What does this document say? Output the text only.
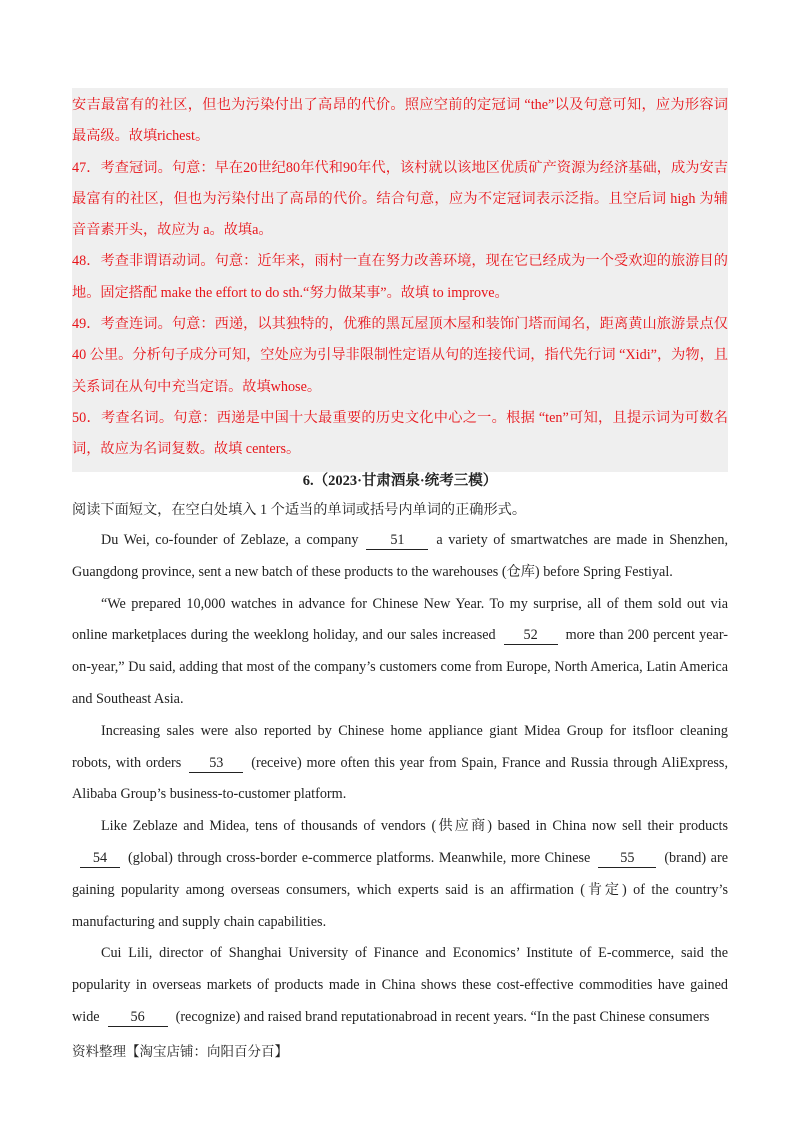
安吉最富有的社区，但也为污染付出了高昂的代价。照应空前的定冠词 “the”以及句意可知，应为形容词最高级。故填richest。

47．考查冠词。句意：早在20世纪80年代和90年代，该村就以该地区优质矿产资源为经济基础，成为安吉最富有的社区，但也为污染付出了高昂的代价。结合句意，应为不定冠词表示泛指。且空后词 high 为辅音音素开头，故应为 a。故填a。

48．考查非谓语动词。句意：近年来，雨村一直在努力改善环境，现在它已经成为一个受欢迎的旅游目的地。固定搭配 make the effort to do sth.“努力做某事”。故填 to improve。

49．考查连词。句意：西递，以其独特的，优雅的黑瓦屋顶木屋和装饰门塔而闻名，距离黄山旅游景点仅40 公里。分析句子成分可知，空处应为引导非限制性定语从句的连接代词，指代先行词 “Xidi”，为物，且关系词在从句中充当定语。故填whose。

50．考查名词。句意：西递是中国十大最重要的历史文化中心之一。根据 “ten”可知，且提示词为可数名词，故应为名词复数。故填 centers。

6.（2023·甘肃酒泉·统考三模）
阅读下面短文，在空白处填入 1 个适当的单词或括号内单词的正确形式。

Du Wei, co-founder of Zeblaze, a company 51 a variety of smartwatches are made in Shenzhen, Guangdong province, sent a new batch of these products to the warehouses (仓库) before Spring Festiyal.

“We prepared 10,000 watches in advance for Chinese New Year. To my surprise, all of them sold out via online marketplaces during the weeklong holiday, and our sales increased 52 more than 200 percent year-on-year,” Du said, adding that most of the company’s customers come from Europe, North America, Latin America and Southeast Asia.

Increasing sales were also reported by Chinese home appliance giant Midea Group for itsfloor cleaning robots, with orders 53 (receive) more often this year from Spain, France and Russia through AliExpress, Alibaba Group’s business-to-customer platform.

Like Zeblaze and Midea, tens of thousands of vendors (供应商) based in China now sell their products54 (global) through cross-border e-commerce platforms. Meanwhile, more Chinese 55 (brand) are gaining popularity among overseas consumers, which experts said is an affirmation (肯定) of the country’s manufacturing and supply chain capabilities.

Cui Lili, director of Shanghai University of Finance and Economics’ Institute of E-commerce, said the popularity in overseas markets of products made in China shows these cost-effective commodities have gained wide 56 (recognize) and raised brand reputationabroad in recent years. “In the past Chinese consumers

资料整理【淘宝店铺：向阳百分百】
